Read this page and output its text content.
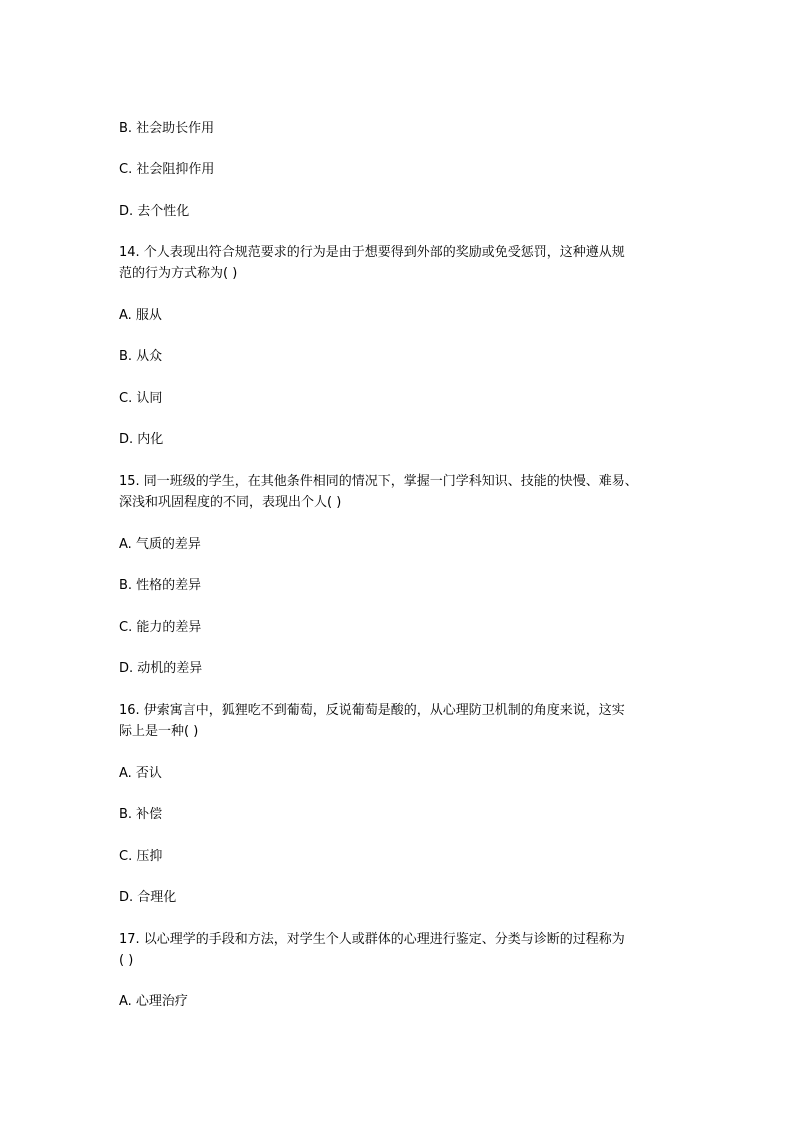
B. 社会助长作用
C. 社会阻抑作用
D. 去个性化
14. 个人表现出符合规范要求的行为是由于想要得到外部的奖励或免受惩罚，这种遵从规
范的行为方式称为( )
A. 服从
B. 从众
C. 认同
D. 内化
15. 同一班级的学生，在其他条件相同的情况下，掌握一门学科知识、技能的快慢、难易、
深浅和巩固程度的不同，表现出个人( )
A. 气质的差异
B. 性格的差异
C. 能力的差异
D. 动机的差异
16. 伊索寓言中，狐狸吃不到葡萄，反说葡萄是酸的，从心理防卫机制的角度来说，这实
际上是一种( )
A. 否认
B. 补偿
C. 压抑
D. 合理化
17. 以心理学的手段和方法，对学生个人或群体的心理进行鉴定、分类与诊断的过程称为
( )
A. 心理治疗
